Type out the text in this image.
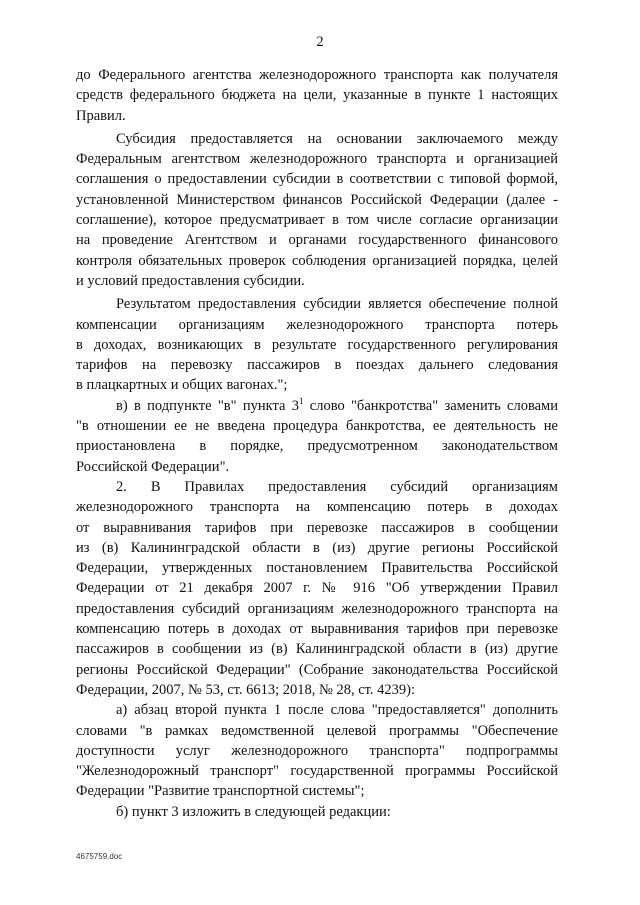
2
до Федерального агентства железнодорожного транспорта как получателя
средств федерального бюджета на цели, указанные в пункте 1 настоящих
Правил.
Субсидия предоставляется на основании заключаемого между
Федеральным агентством железнодорожного транспорта и организацией
соглашения о предоставлении субсидии в соответствии с типовой формой,
установленной Министерством финансов Российской Федерации (далее -
соглашение), которое предусматривает в том числе согласие организации
на проведение Агентством и органами государственного финансового
контроля обязательных проверок соблюдения организацией порядка, целей
и условий предоставления субсидии.
Результатом предоставления субсидии является обеспечение полной
компенсации организациям железнодорожного транспорта потерь
в доходах, возникающих в результате государственного регулирования
тарифов на перевозку пассажиров в поездах дальнего следования
в плацкартных и общих вагонах.";
в) в подпункте "в" пункта $3^1$ слово "банкротства" заменить словами
"в отношении ее не введена процедура банкротства, ее деятельность не
приостановлена в порядке, предусмотренном законодательством
Российской Федерации".
2. В Правилах предоставления субсидий организациям
железнодорожного транспорта на компенсацию потерь в доходах
от выравнивания тарифов при перевозке пассажиров в сообщении
из (в) Калининградской области в (из) другие регионы Российской
Федерации, утвержденных постановлением Правительства Российской
Федерации от 21 декабря 2007 г. № 916 "Об утверждении Правил
предоставления субсидий организациям железнодорожного транспорта на
компенсацию потерь в доходах от выравнивания тарифов при перевозке
пассажиров в сообщении из (в) Калининградской области в (из) другие
регионы Российской Федерации" (Собрание законодательства Российской
Федерации, 2007, № 53, ст. 6613; 2018, № 28, ст. 4239):
а) абзац второй пункта 1 после слова "предоставляется" дополнить
словами "в рамках ведомственной целевой программы "Обеспечение
доступности услуг железнодорожного транспорта" подпрограммы
"Железнодорожный транспорт" государственной программы Российской
Федерации "Развитие транспортной системы";
б) пункт 3 изложить в следующей редакции:
4675759.doc
